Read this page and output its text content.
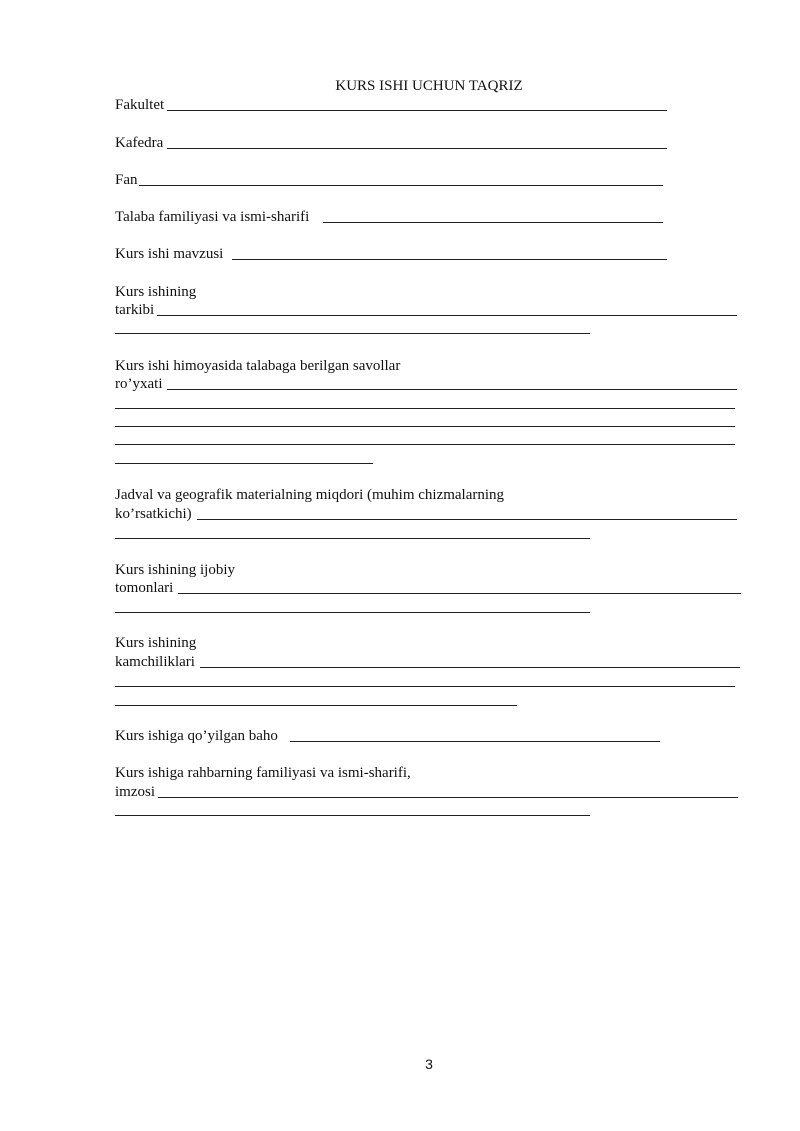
KURS ISHI UCHUN TAQRIZ
Fakultet
Kafedra
Fan
Talaba familiyasi va ismi-sharifi
Kurs ishi mavzusi
Kurs ishining
tarkibi
Kurs ishi himoyasida talabaga berilgan savollar
ro’yxati
Jadval va geografik materialning miqdori (muhim chizmalarning
ko’rsatkichi)
Kurs ishining ijobiy
tomonlari
Kurs ishining
kamchiliklari
Kurs ishiga qo’yilgan baho
Kurs ishiga rahbarning familiyasi va ismi-sharifi,
imzosi
3
